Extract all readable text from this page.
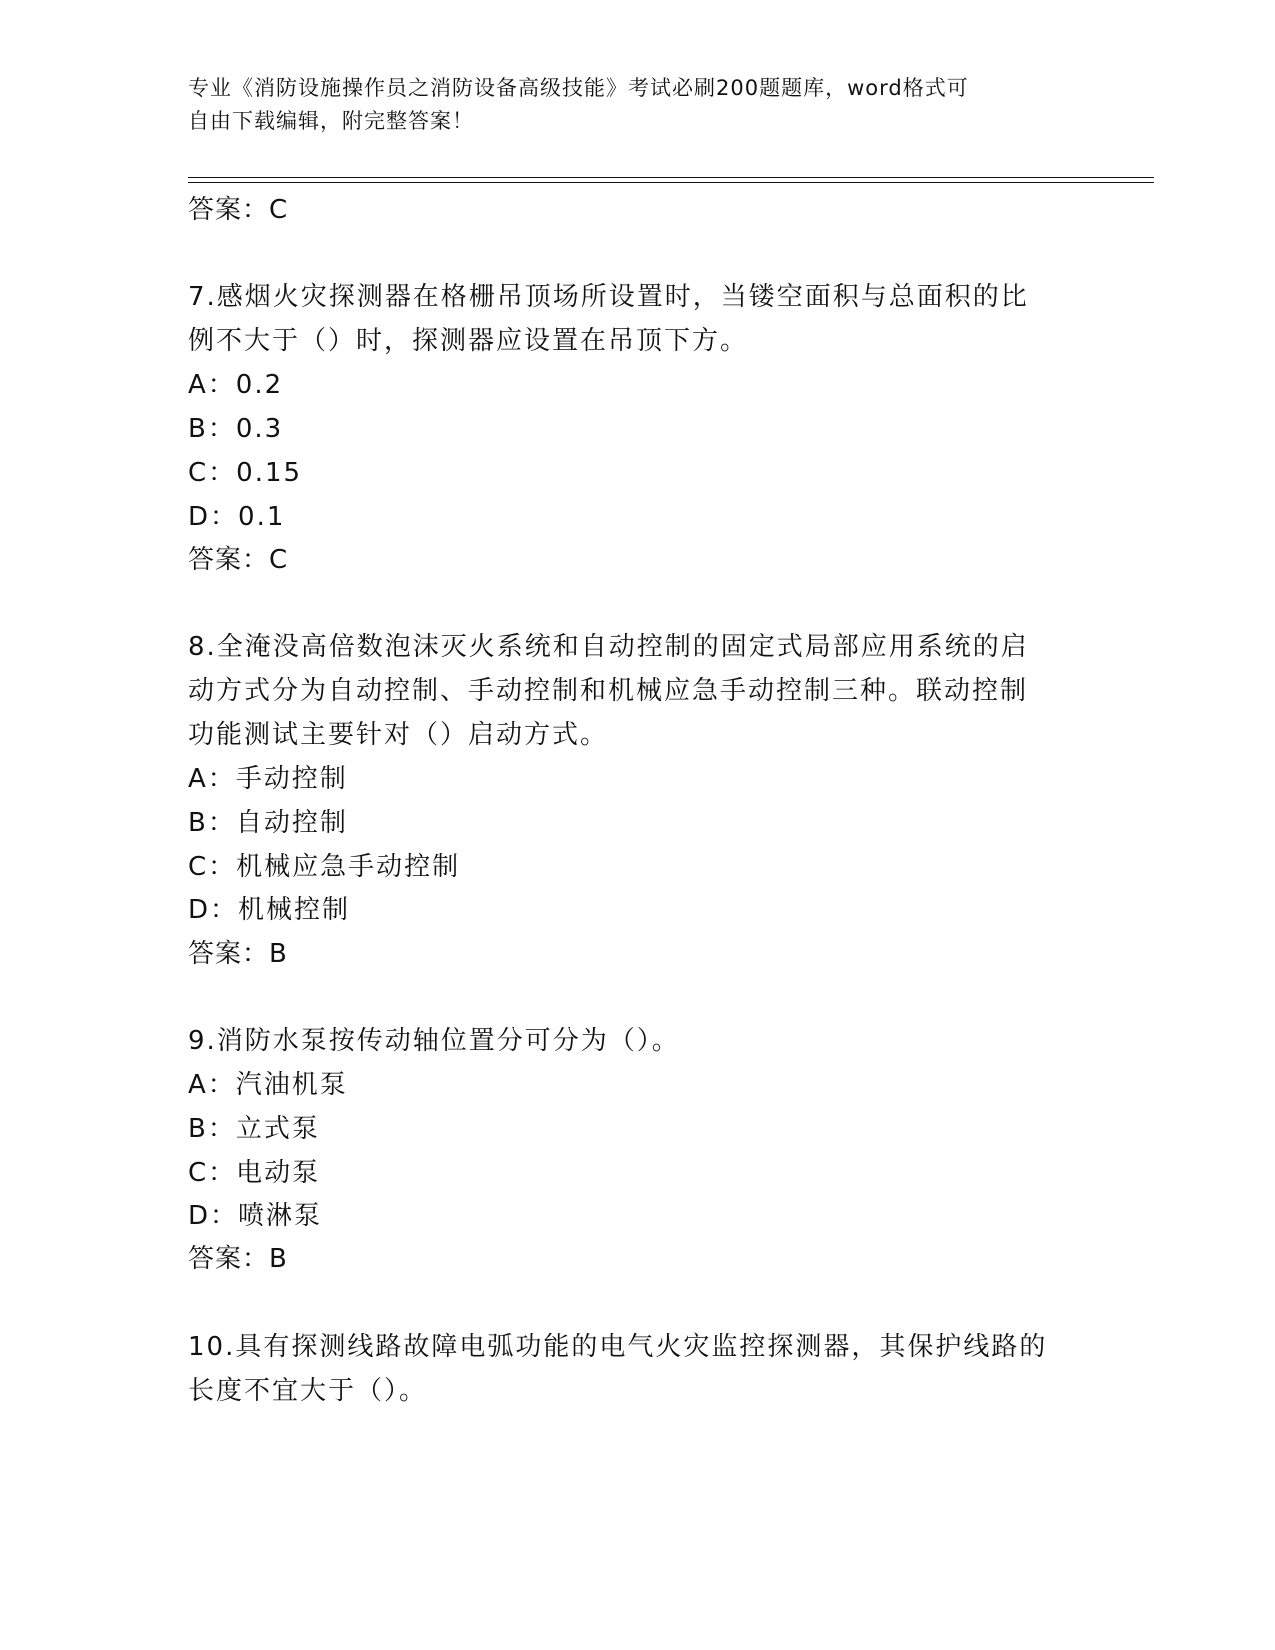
专业《消防设施操作员之消防设备高级技能》考试必刷200题题库，word格式可
自由下载编辑，附完整答案！
答案：C
7.感烟火灾探测器在格栅吊顶场所设置时，当镂空面积与总面积的比
例不大于（）时，探测器应设置在吊顶下方。
A：0.2
B：0.3
C：0.15
D：0.1
答案：C
8.全淹没高倍数泡沫灭火系统和自动控制的固定式局部应用系统的启
动方式分为自动控制、手动控制和机械应急手动控制三种。联动控制
功能测试主要针对（）启动方式。
A：手动控制
B：自动控制
C：机械应急手动控制
D：机械控制
答案：B
9.消防水泵按传动轴位置分可分为（）。
A：汽油机泵
B：立式泵
C：电动泵
D：喷淋泵
答案：B
10.具有探测线路故障电弧功能的电气火灾监控探测器，其保护线路的
长度不宜大于（）。
